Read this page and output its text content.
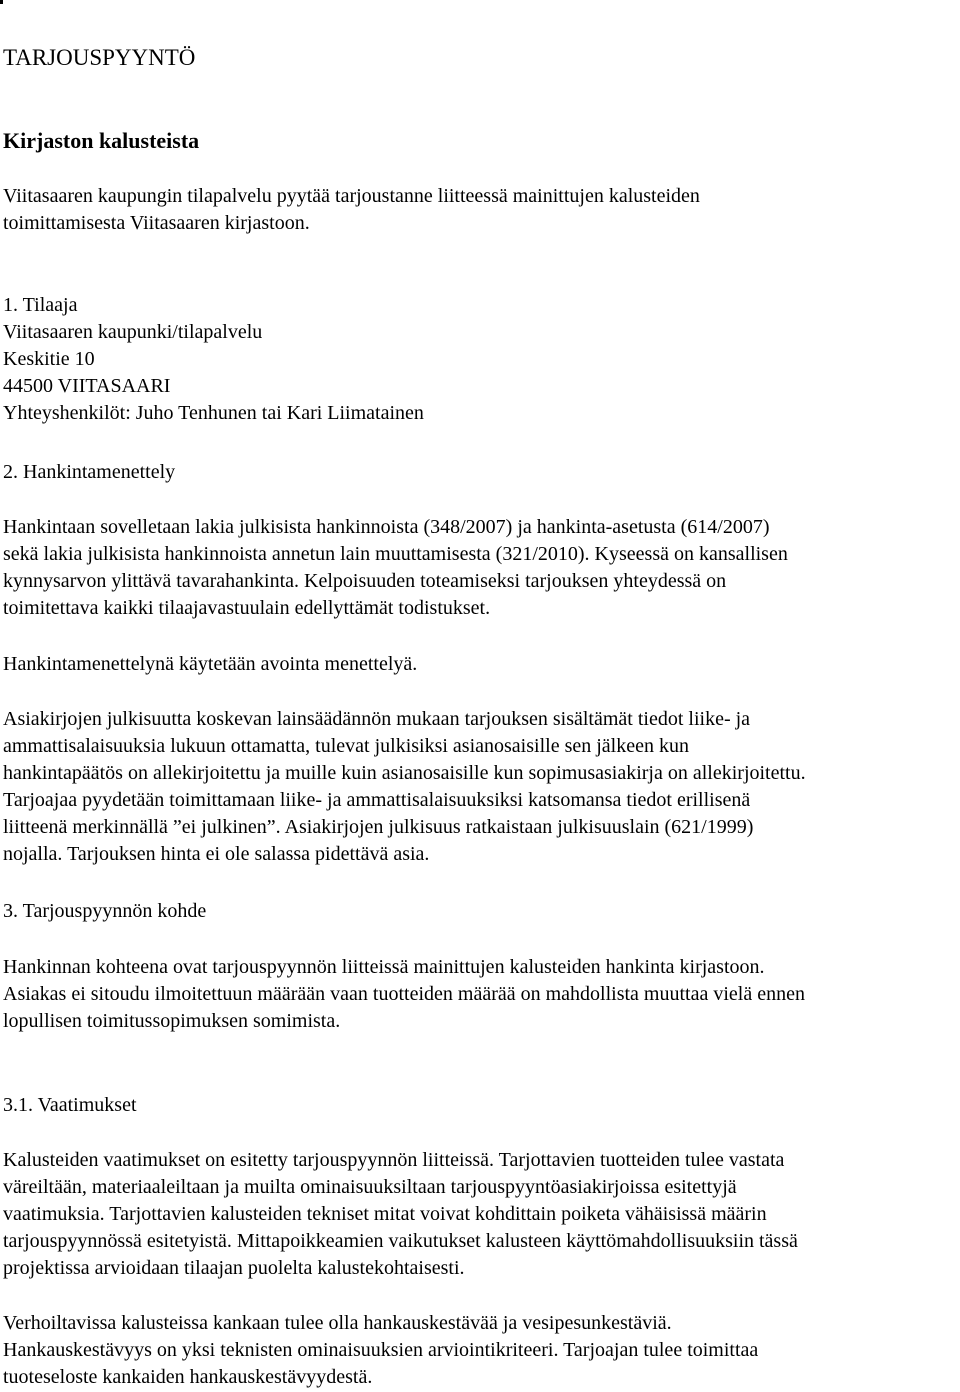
TARJOUSPYYNTÖ
Kirjaston kalusteista
Viitasaaren kaupungin tilapalvelu pyytää tarjoustanne liitteessä mainittujen kalusteiden
toimittamisesta Viitasaaren kirjastoon.
1. Tilaaja
Viitasaaren kaupunki/tilapalvelu
Keskitie 10
44500 VIITASAARI
Yhteyshenkilöt: Juho Tenhunen tai Kari Liimatainen
2. Hankintamenettely
Hankintaan sovelletaan lakia julkisista hankinnoista (348/2007) ja hankinta-asetusta (614/2007)
sekä lakia julkisista hankinnoista annetun lain muuttamisesta (321/2010). Kyseessä on kansallisen
kynnysarvon ylittävä tavarahankinta. Kelpoisuuden toteamiseksi tarjouksen yhteydessä on
toimitettava kaikki tilaajavastuulain edellyttämät todistukset.
Hankintamenettelynä käytetään avointa menettelyä.
Asiakirjojen julkisuutta koskevan lainsäädännön mukaan tarjouksen sisältämät tiedot liike- ja
ammattisalaisuuksia lukuun ottamatta, tulevat julkisiksi asianosaisille sen jälkeen kun
hankintapäätös on allekirjoitettu ja muille kuin asianosaisille kun sopimusasiakirja on allekirjoitettu.
Tarjoajaa pyydetään toimittamaan liike- ja ammattisalaisuuksiksi katsomansa tiedot erillisenä
liitteenä merkinnällä ”ei julkinen”. Asiakirjojen julkisuus ratkaistaan julkisuuslain (621/1999)
nojalla. Tarjouksen hinta ei ole salassa pidettävä asia.
3. Tarjouspyynnön kohde
Hankinnan kohteena ovat tarjouspyynnön liitteissä mainittujen kalusteiden hankinta kirjastoon.
Asiakas ei sitoudu ilmoitettuun määrään vaan tuotteiden määrää on mahdollista muuttaa vielä ennen
lopullisen toimitussopimuksen somimista.
3.1. Vaatimukset
Kalusteiden vaatimukset on esitetty tarjouspyynnön liitteissä. Tarjottavien tuotteiden tulee vastata
väreiltään, materiaaleiltaan ja muilta ominaisuuksiltaan tarjouspyyntöasiakirjoissa esitettyjä
vaatimuksia. Tarjottavien kalusteiden tekniset mitat voivat kohdittain poiketa vähäisissä määrin
tarjouspyynnössä esitetyistä. Mittapoikkeamien vaikutukset kalusteen käyttömahdollisuuksiin tässä
projektissa arvioidaan tilaajan puolelta kalustekohtaisesti.
Verhoiltavissa kalusteissa kankaan tulee olla hankauskestävää ja vesipesunkestäviä.
Hankauskestävyys on yksi teknisten ominaisuuksien arviointikriteeri. Tarjoajan tulee toimittaa
tuoteseloste kankaiden hankauskestävyydestä.
